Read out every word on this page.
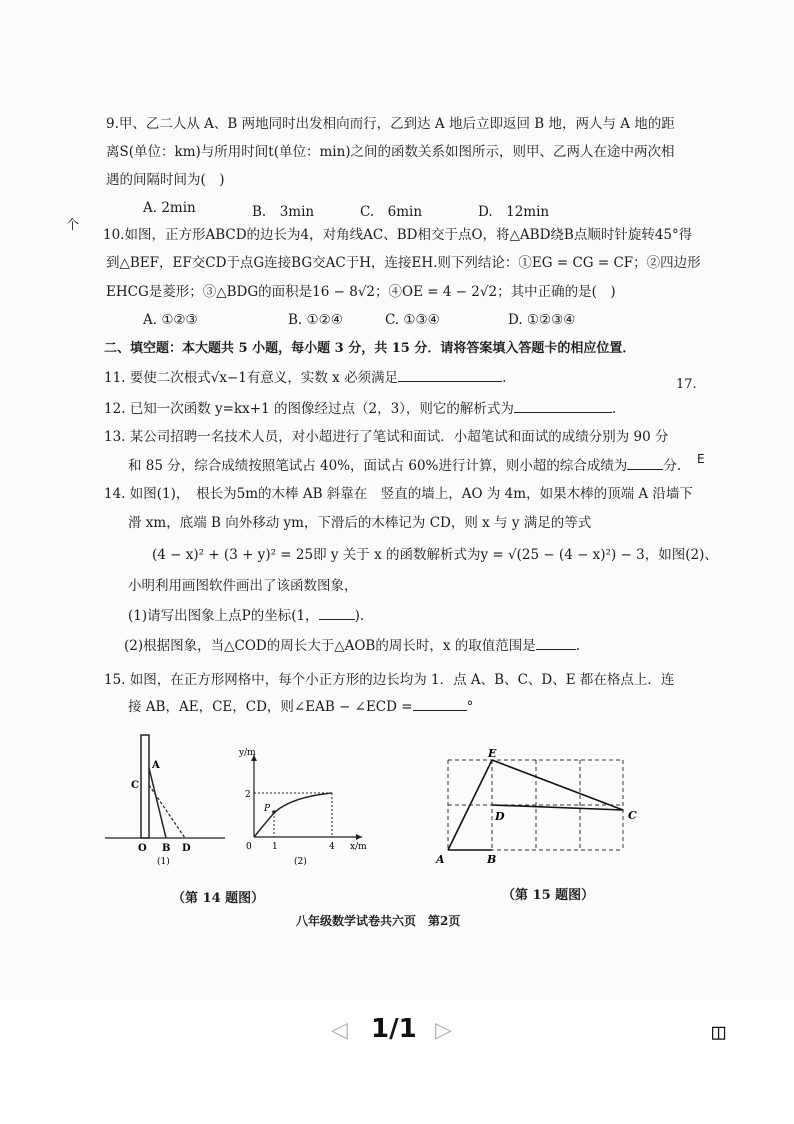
9.甲、乙二人从 A、B 两地同时出发相向而行，乙到达 A 地后立即返回 B 地，两人与 A 地的距
离S(单位：km)与所用时间t(单位：min)之间的函数关系如图所示，则甲、乙两人在途中两次相
遇的间隔时间为(　)
A. 2min	B.　3min	C.　6min	D.　12min
个
10.如图，正方形ABCD的边长为4，对角线AC、BD相交于点O，将△ABD绕B点顺时针旋转45°得
到△BEF，EF交CD于点G连接BG交AC于H，连接EH.则下列结论：①EG = CG = CF；②四边形
EHCG是菱形；③△BDG的面积是16 − 8√2；④OE = 4 − 2√2；其中正确的是(　)
A. ①②③	B. ①②④	C. ①③④	D. ①②③④
二、填空题：本大题共 5 小题，每小题 3 分，共 15 分．请将答案填入答题卡的相应位置．
11. 要使二次根式√x−1有意义，实数 x 必须满足	.	17.
12. 已知一次函数 y=kx+1 的图像经过点（2，3），则它的解析式为	.
13. 某公司招聘一名技术人员，对小超进行了笔试和面试．小超笔试和面试的成绩分别为 90 分
和 85 分，综合成绩按照笔试占 40%，面试占 60%进行计算，则小超的综合成绩为	分. E
14. 如图(1)，　根长为5m的木棒 AB 斜靠在　竖直的墙上，AO 为 4m，如果木棒的顶端 A 沿墙下
滑 xm，底端 B 向外移动 ym，下滑后的木棒记为 CD，则 x 与 y 满足的等式
(4 − x)² + (3 + y)² = 25即 y 关于 x 的函数解析式为y = √(25 − (4 − x)²) − 3，如图(2)、
小明利用画图软件画出了该函数图象，
(1)请写出图象上点P的坐标(1，	).
(2)根据图象，当△COD的周长大于△AOB的周长时，x 的取值范围是	.
15. 如图，在正方形网格中，每个小正方形的边长均为 1．点 A、B、C、D、E 都在格点上．连
接 AB，AE，CE，CD，则∠EAB − ∠ECD =	°
C
A
O B D
(1)
y/m
x/m
2
0 1	4
P
(2)
E
C
D
A	B
（第 14 题图）	（第 15 题图）
八年级数学试卷共六页　第2页
◁ 1/1 ▷	◫
